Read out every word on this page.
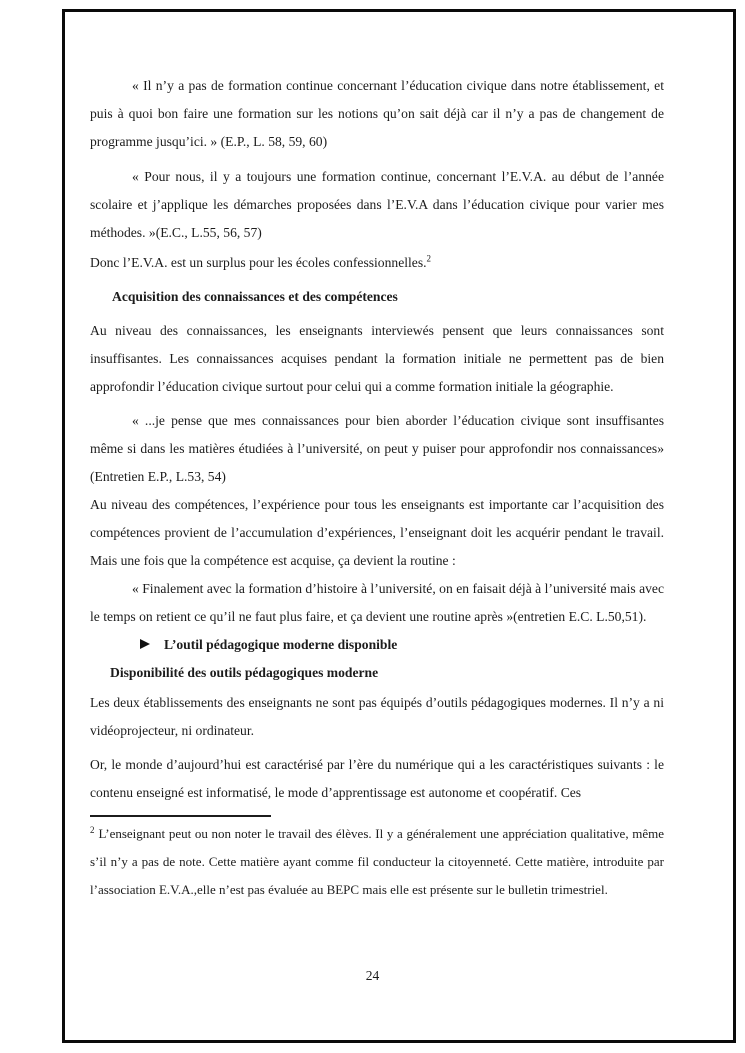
« Il n’y a pas de formation continue concernant l’éducation civique dans notre établissement, et puis à quoi bon faire une formation sur les notions qu’on sait déjà car il n’y a pas de changement de programme jusqu’ici. » (E.P., L. 58, 59, 60)

« Pour nous, il y a toujours une formation continue, concernant l’E.V.A. au début de l’année scolaire et j’applique les démarches proposées dans l’E.V.A dans l’éducation civique pour varier mes méthodes. »(E.C., L.55, 56, 57)

Donc l’E.V.A. est un surplus pour les écoles confessionnelles.$^2$

Acquisition des connaissances et des compétences

Au niveau des connaissances, les enseignants interviewés pensent que leurs connaissances sont insuffisantes. Les connaissances acquises pendant la formation initiale ne permettent pas de bien approfondir l’éducation civique surtout pour celui qui a comme formation initiale la géographie.

« ...je pense que mes connaissances pour bien aborder l’éducation civique sont insuffisantes même si dans les matières étudiées à l’université, on peut y puiser pour approfondir nos connaissances» (Entretien E.P., L.53, 54)

Au niveau des compétences, l’expérience pour tous les enseignants est importante car l’acquisition des compétences provient de l’accumulation d’expériences, l’enseignant doit les acquérir pendant le travail. Mais une fois que la compétence est acquise, ça devient la routine :

« Finalement avec la formation d’histoire à l’université, on en faisait déjà à l’université mais avec le temps on retient ce qu’il ne faut plus faire, et ça devient une routine après »(entretien E.C. L.50,51).

L’outil pédagogique moderne disponible

Disponibilité des outils pédagogiques moderne

Les deux établissements des enseignants ne sont pas équipés d’outils pédagogiques modernes. Il n’y a ni vidéoprojecteur, ni ordinateur.

Or, le monde d’aujourd’hui est caractérisé par l’ère du numérique qui a les caractéristiques suivants : le contenu enseigné est informatisé, le mode d’apprentissage est autonome et coopératif. Ces

$^2$ L’enseignant peut ou non noter le travail des élèves. Il y a généralement une appréciation qualitative, même s’il n’y a pas de note. Cette matière ayant comme fil conducteur la citoyenneté. Cette matière, introduite par l’association E.V.A.,elle n’est pas évaluée au BEPC mais elle est présente sur le bulletin trimestriel.

24
